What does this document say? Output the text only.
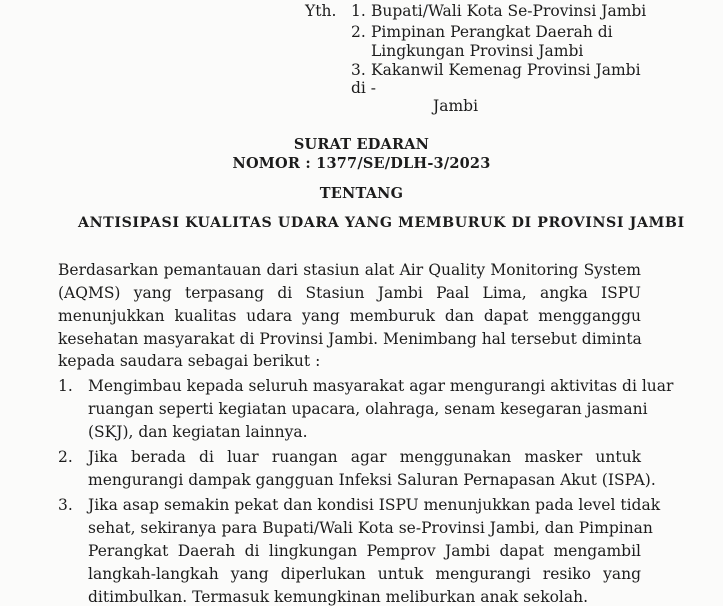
Yth. 1. Bupati/Wali Kota Se-Provinsi Jambi
2. Pimpinan Perangkat Daerah di
Lingkungan Provinsi Jambi
3. Kakanwil Kemenag Provinsi Jambi
di -
Jambi
SURAT EDARAN
NOMOR : 1377/SE/DLH-3/2023
TENTANG
ANTISIPASI KUALITAS UDARA YANG MEMBURUK DI PROVINSI JAMBI
Berdasarkan pemantauan dari stasiun alat Air Quality Monitoring System
(AQMS) yang terpasang di Stasiun Jambi Paal Lima, angka ISPU
menunjukkan kualitas udara yang memburuk dan dapat mengganggu
kesehatan masyarakat di Provinsi Jambi. Menimbang hal tersebut diminta
kepada saudara sebagai berikut :
1. Mengimbau kepada seluruh masyarakat agar mengurangi aktivitas di luar
ruangan seperti kegiatan upacara, olahraga, senam kesegaran jasmani
(SKJ), dan kegiatan lainnya.
2. Jika berada di luar ruangan agar menggunakan masker untuk
mengurangi dampak gangguan Infeksi Saluran Pernapasan Akut (ISPA).
3. Jika asap semakin pekat dan kondisi ISPU menunjukkan pada level tidak
sehat, sekiranya para Bupati/Wali Kota se-Provinsi Jambi, dan Pimpinan
Perangkat Daerah di lingkungan Pemprov Jambi dapat mengambil
langkah-langkah yang diperlukan untuk mengurangi resiko yang
ditimbulkan. Termasuk kemungkinan meliburkan anak sekolah.
